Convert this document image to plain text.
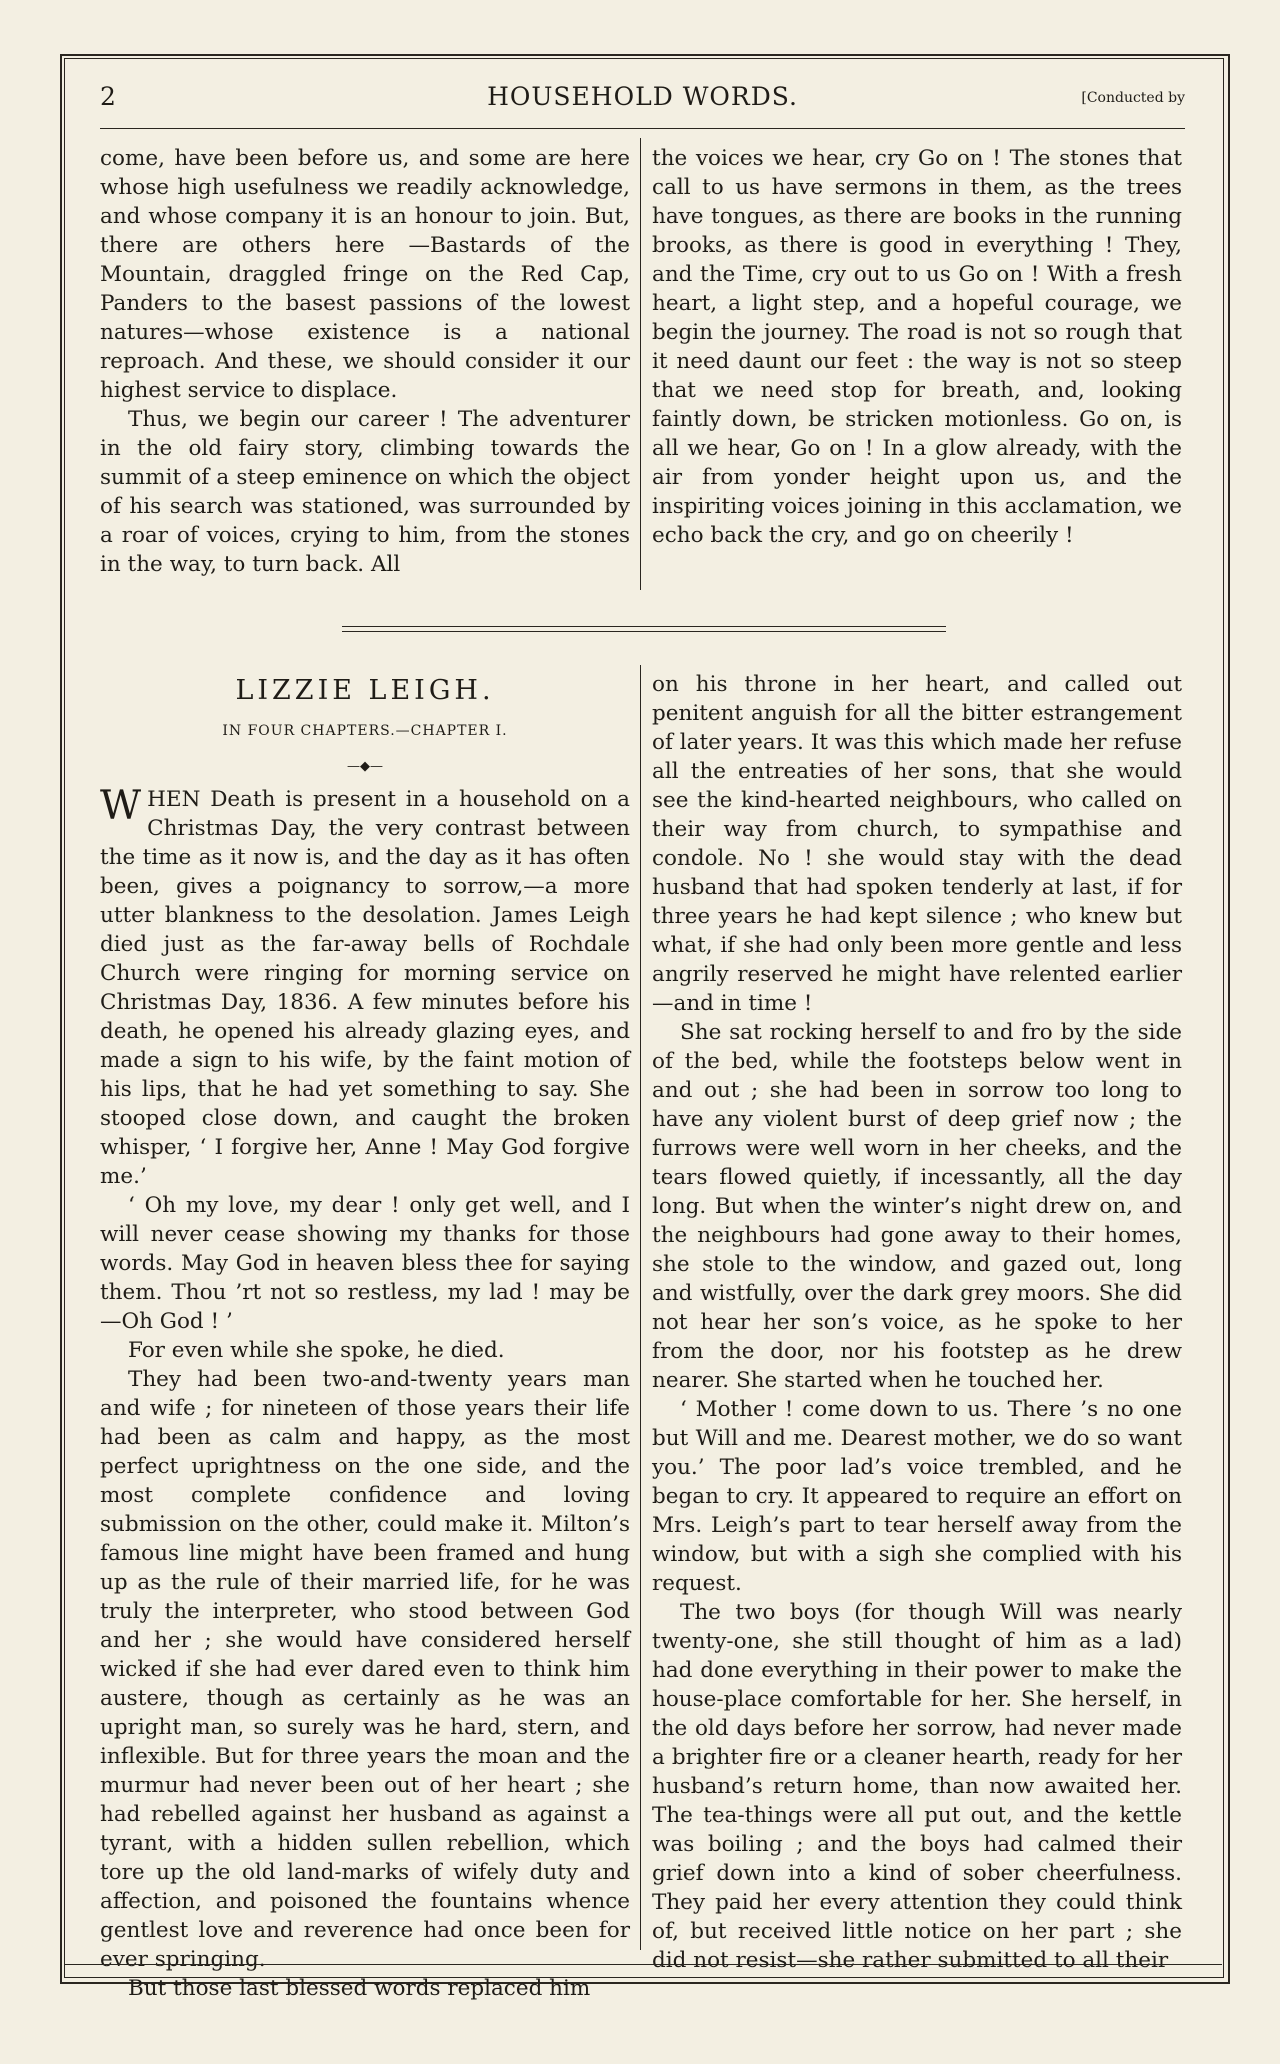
2	HOUSEHOLD WORDS.	[Conducted by

come, have been before us, and some are here whose high usefulness we readily acknowledge, and whose company it is an honour to join. But, there are others here —Bastards of the Mountain, draggled fringe on the Red Cap, Panders to the basest passions of the lowest natures—whose existence is a national reproach. And these, we should consider it our highest service to displace.

Thus, we begin our career ! The adventurer in the old fairy story, climbing towards the summit of a steep eminence on which the object of his search was stationed, was surrounded by a roar of voices, crying to him, from the stones in the way, to turn back. All

the voices we hear, cry Go on ! The stones that call to us have sermons in them, as the trees have tongues, as there are books in the running brooks, as there is good in everything ! They, and the Time, cry out to us Go on ! With a fresh heart, a light step, and a hopeful courage, we begin the journey. The road is not so rough that it need daunt our feet : the way is not so steep that we need stop for breath, and, looking faintly down, be stricken motionless. Go on, is all we hear, Go on ! In a glow already, with the air from yonder height upon us, and the inspiriting voices joining in this acclamation, we echo back the cry, and go on cheerily !

LIZZIE LEIGH.
IN FOUR CHAPTERS.—CHAPTER I.
—◆—

WHEN Death is present in a household on a Christmas Day, the very contrast between the time as it now is, and the day as it has often been, gives a poignancy to sorrow,—a more utter blankness to the desolation. James Leigh died just as the far-away bells of Rochdale Church were ringing for morning service on Christmas Day, 1836. A few minutes before his death, he opened his already glazing eyes, and made a sign to his wife, by the faint motion of his lips, that he had yet something to say. She stooped close down, and caught the broken whisper, ‘ I forgive her, Anne ! May God forgive me.’

‘ Oh my love, my dear ! only get well, and I will never cease showing my thanks for those words. May God in heaven bless thee for saying them. Thou ’rt not so restless, my lad ! may be—Oh God ! ’

For even while she spoke, he died.

They had been two-and-twenty years man and wife ; for nineteen of those years their life had been as calm and happy, as the most perfect uprightness on the one side, and the most complete confidence and loving submission on the other, could make it. Milton’s famous line might have been framed and hung up as the rule of their married life, for he was truly the interpreter, who stood between God and her ; she would have considered herself wicked if she had ever dared even to think him austere, though as certainly as he was an upright man, so surely was he hard, stern, and inflexible. But for three years the moan and the murmur had never been out of her heart ; she had rebelled against her husband as against a tyrant, with a hidden sullen rebellion, which tore up the old land-marks of wifely duty and affection, and poisoned the fountains whence gentlest love and reverence had once been for ever springing.

But those last blessed words replaced him

on his throne in her heart, and called out penitent anguish for all the bitter estrangement of later years. It was this which made her refuse all the entreaties of her sons, that she would see the kind-hearted neighbours, who called on their way from church, to sympathise and condole. No ! she would stay with the dead husband that had spoken tenderly at last, if for three years he had kept silence ; who knew but what, if she had only been more gentle and less angrily reserved he might have relented earlier—and in time !

She sat rocking herself to and fro by the side of the bed, while the footsteps below went in and out ; she had been in sorrow too long to have any violent burst of deep grief now ; the furrows were well worn in her cheeks, and the tears flowed quietly, if incessantly, all the day long. But when the winter’s night drew on, and the neighbours had gone away to their homes, she stole to the window, and gazed out, long and wistfully, over the dark grey moors. She did not hear her son’s voice, as he spoke to her from the door, nor his footstep as he drew nearer. She started when he touched her.

‘ Mother ! come down to us. There ’s no one but Will and me. Dearest mother, we do so want you.’ The poor lad’s voice trembled, and he began to cry. It appeared to require an effort on Mrs. Leigh’s part to tear herself away from the window, but with a sigh she complied with his request.

The two boys (for though Will was nearly twenty-one, she still thought of him as a lad) had done everything in their power to make the house-place comfortable for her. She herself, in the old days before her sorrow, had never made a brighter fire or a cleaner hearth, ready for her husband’s return home, than now awaited her. The tea-things were all put out, and the kettle was boiling ; and the boys had calmed their grief down into a kind of sober cheerfulness. They paid her every attention they could think of, but received little notice on her part ; she did not resist—she rather submitted to all their
